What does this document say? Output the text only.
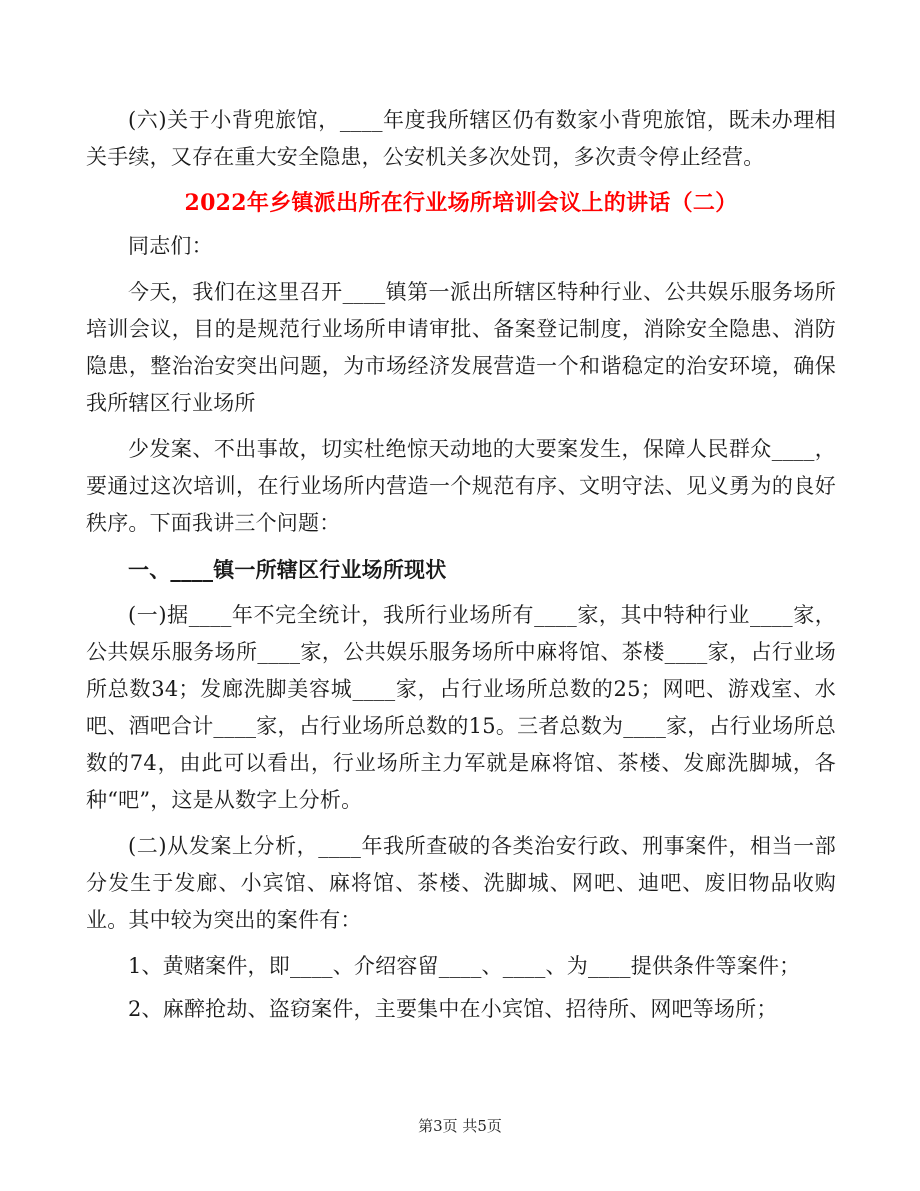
(六)关于小背兜旅馆，____年度我所辖区仍有数家小背兜旅馆，既未办理相关手续，又存在重大安全隐患，公安机关多次处罚，多次责令停止经营。

2022年乡镇派出所在行业场所培训会议上的讲话（二）

同志们：

今天，我们在这里召开____镇第一派出所辖区特种行业、公共娱乐服务场所培训会议，目的是规范行业场所申请审批、备案登记制度，消除安全隐患、消防隐患，整治治安突出问题，为市场经济发展营造一个和谐稳定的治安环境，确保我所辖区行业场所

少发案、不出事故，切实杜绝惊天动地的大要案发生，保障人民群众____，要通过这次培训，在行业场所内营造一个规范有序、文明守法、见义勇为的良好秩序。下面我讲三个问题：

一、____镇一所辖区行业场所现状

(一)据____年不完全统计，我所行业场所有____家，其中特种行业____家，公共娱乐服务场所____家，公共娱乐服务场所中麻将馆、茶楼____家，占行业场所总数34；发廊洗脚美容城____家，占行业场所总数的25；网吧、游戏室、水吧、酒吧合计____家，占行业场所总数的15。三者总数为____家，占行业场所总数的74，由此可以看出，行业场所主力军就是麻将馆、茶楼、发廊洗脚城，各种“吧”，这是从数字上分析。

(二)从发案上分析，____年我所查破的各类治安行政、刑事案件，相当一部分发生于发廊、小宾馆、麻将馆、茶楼、洗脚城、网吧、迪吧、废旧物品收购业。其中较为突出的案件有：

1、黄赌案件，即____、介绍容留____、____、为____提供条件等案件；

2、麻醉抢劫、盗窃案件，主要集中在小宾馆、招待所、网吧等场所；

第3页 共5页
